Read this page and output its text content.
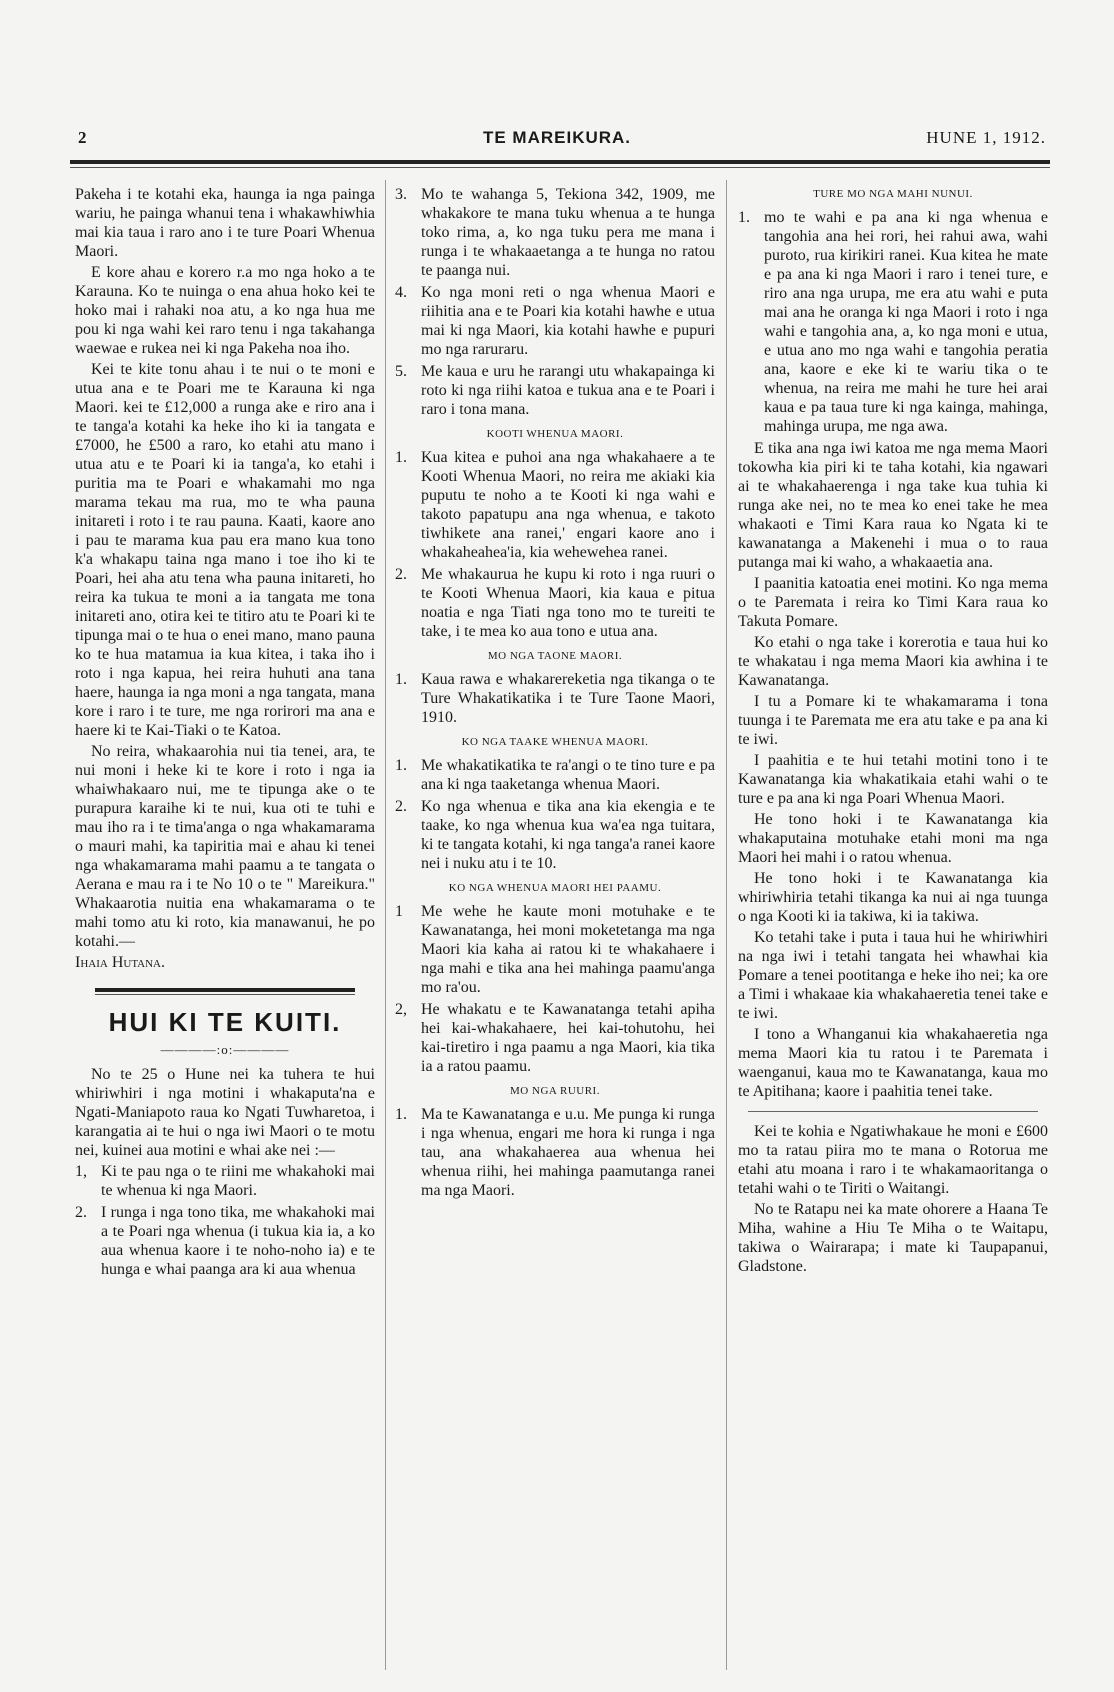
2	TE MAREIKURA.	HUNE 1, 1912.

Pakeha i te kotahi eka, haunga ia nga painga wariu, he painga whanui tena i whakawhiwhia mai kia taua i raro ano i te ture Poari Whenua Maori.

E kore ahau e korero r.a mo nga hoko a te Karauna. Ko te nuinga o ena ahua hoko kei te hoko mai i rahaki noa atu, a ko nga hua me pou ki nga wahi kei raro tenu i nga takahanga waewae e rukea nei ki nga Pakeha noa iho.

Kei te kite tonu ahau i te nui o te moni e utua ana e te Poari me te Karauna ki nga Maori. kei te £12,000 a runga ake e riro ana i te tanga'a kotahi ka heke iho ki ia tangata e £7000, he £500 a raro, ko etahi atu mano i utua atu e te Poari ki ia tanga'a, ko etahi i puritia ma te Poari e whakamahi mo nga marama tekau ma rua, mo te wha pauna initareti i roto i te rau pauna. Kaati, kaore ano i pau te marama kua pau era mano kua tono k'a whakapu taina nga mano i toe iho ki te Poari, hei aha atu tena wha pauna initareti, ho reira ka tukua te moni a ia tangata me tona initareti ano, otira kei te titiro atu te Poari ki te tipunga mai o te hua o enei mano, mano pauna ko te hua matamua ia kua kitea, i taka iho i roto i nga kapua, hei reira huhuti ana tana haere, haunga ia nga moni a nga tangata, mana kore i raro i te ture, me nga rorirori ma ana e haere ki te Kai-Tiaki o te Katoa.

No reira, whakaarohia nui tia tenei, ara, te nui moni i heke ki te kore i roto i nga ia whaiwhakaaro nui, me te tipunga ake o te purapura karaihe ki te nui, kua oti te tuhi e mau iho ra i te tima'anga o nga whakamarama o mauri mahi, ka tapiritia mai e ahau ki tenei nga whakamarama mahi paamu a te tangata o Aerana e mau ra i te No 10 o te " Mareikura." Whakaarotia nuitia ena whakamarama o te mahi tomo atu ki roto, kia manawanui, he po kotahi.—

Ihaia Hutana.

HUI KI TE KUITI.
————:o:————

No te 25 o Hune nei ka tuhera te hui whiriwhiri i nga motini i whakaputa'na e Ngati-Maniapoto raua ko Ngati Tuwharetoa, i karangatia ai te hui o nga iwi Maori o te motu nei, kuinei aua motini e whai ake nei :—

1, Ki te pau nga o te riini me whakahoki mai te whenua ki nga Maori.
2. I runga i nga tono tika, me whakahoki mai a te Poari nga whenua (i tukua kia ia, a ko aua whenua kaore i te noho-noho ia) e te hunga e whai paanga ara ki aua whenua
3. Mo te wahanga 5, Tekiona 342, 1909, me whakakore te mana tuku whenua a te hunga toko rima, a, ko nga tuku pera me mana i runga i te whakaaetanga a te hunga no ratou te paanga nui.
4. Ko nga moni reti o nga whenua Maori e riihitia ana e te Poari kia kotahi hawhe e utua mai ki nga Maori, kia kotahi hawhe e pupuri mo nga raruraru.
5. Me kaua e uru he rarangi utu whakapainga ki roto ki nga riihi katoa e tukua ana e te Poari i raro i tona mana.
KOOTI WHENUA MAORI.
1. Kua kitea e puhoi ana nga whakahaere a te Kooti Whenua Maori, no reira me akiaki kia puputu te noho a te Kooti ki nga wahi e takoto papatupu ana nga whenua, e takoto tiwhikete ana ranei,' engari kaore ano i whakaheahea'ia, kia wehewehea ranei.
2. Me whakaurua he kupu ki roto i nga ruuri o te Kooti Whenua Maori, kia kaua e pitua noatia e nga Tiati nga tono mo te tureiti te take, i te mea ko aua tono e utua ana.
MO NGA TAONE MAORI.
1. Kaua rawa e whakarereketia nga tikanga o te Ture Whakatikatika i te Ture Taone Maori, 1910.
KO NGA TAAKE WHENUA MAORI.
1. Me whakatikatika te ra'angi o te tino ture e pa ana ki nga taaketanga whenua Maori.
2. Ko nga whenua e tika ana kia ekengia e te taake, ko nga whenua kua wa'ea nga tuitara, ki te tangata kotahi, ki nga tanga'a ranei kaore nei i nuku atu i te 10.
KO NGA WHENUA MAORI HEI PAAMU.
1	Me wehe he kaute moni motuhake e te Kawanatanga, hei moni moketetanga ma nga Maori kia kaha ai ratou ki te whakahaere i nga mahi e tika ana hei mahinga paamu'anga mo ra'ou.
2, He whakatu e te Kawanatanga tetahi apiha hei kai-whakahaere, hei kai-tohutohu, hei kai-tiretiro i nga paamu a nga Maori, kia tika ia a ratou paamu.
MO NGA RUURI.
1. Ma te Kawanatanga e u.u. Me punga ki runga i nga whenua, engari me hora ki runga i nga tau, ana whakahaerea aua whenua hei whenua riihi, hei mahinga paamutanga ranei ma nga Maori.
TURE MO NGA MAHI NUNUI.
1. mo te wahi e pa ana ki nga whenua e tangohia ana hei rori, hei rahui awa, wahi puroto, rua kirikiri ranei. Kua kitea he mate e pa ana ki nga Maori i raro i tenei ture, e riro ana nga urupa, me era atu wahi e puta mai ana he oranga ki nga Maori i roto i nga wahi e tangohia ana, a, ko nga moni e utua, e utua ano mo nga wahi e tangohia peratia ana, kaore e eke ki te wariu tika o te whenua, na reira me mahi he ture hei arai kaua e pa taua ture ki nga kainga, mahinga, mahinga urupa, me nga awa.

E tika ana nga iwi katoa me nga mema Maori tokowha kia piri ki te taha kotahi, kia ngawari ai te whakahaerenga i nga take kua tuhia ki runga ake nei, no te mea ko enei take he mea whakaoti e Timi Kara raua ko Ngata ki te kawanatanga a Makenehi i mua o to raua putanga mai ki waho, a whakaaetia ana.

I paanitia katoatia enei motini. Ko nga mema o te Paremata i reira ko Timi Kara raua ko Takuta Pomare.

Ko etahi o nga take i korerotia e taua hui ko te whakatau i nga mema Maori kia awhina i te Kawanatanga.

I tu a Pomare ki te whakamarama i tona tuunga i te Paremata me era atu take e pa ana ki te iwi.

I paahitia e te hui tetahi motini tono i te Kawanatanga kia whakatikaia etahi wahi o te ture e pa ana ki nga Poari Whenua Maori.

He tono hoki i te Kawanatanga kia whakaputaina motuhake etahi moni ma nga Maori hei mahi i o ratou whenua.

He tono hoki i te Kawanatanga kia whiriwhiria tetahi tikanga ka nui ai nga tuunga o nga Kooti ki ia takiwa, ki ia takiwa.

Ko tetahi take i puta i taua hui he whiriwhiri na nga iwi i tetahi tangata hei whawhai kia Pomare a tenei pootitanga e heke iho nei; ka ore a Timi i whakaae kia whakahaeretia tenei take e te iwi.

I tono a Whanganui kia whakahaeretia nga mema Maori kia tu ratou i te Paremata i waenganui, kaua mo te Kawanatanga, kaua mo te Apitihana; kaore i paahitia tenei take.

Kei te kohia e Ngatiwhakaue he moni e £600 mo ta ratau piira mo te mana o Rotorua me etahi atu moana i raro i te whakamaoritanga o tetahi wahi o te Tiriti o Waitangi.

No te Ratapu nei ka mate ohorere a Haana Te Miha, wahine a Hiu Te Miha o te Waitapu, takiwa o Wairarapa; i mate ki Taupapanui, Gladstone.
